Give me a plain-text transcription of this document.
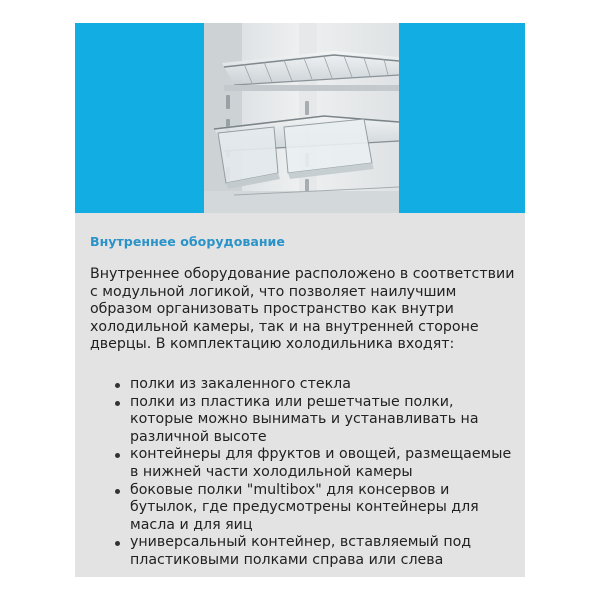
Внутреннее оборудование

Внутреннее оборудование расположено в соответствии с модульной логикой, что позволяет наилучшим образом организовать пространство как внутри холодильной камеры, так и на внутренней стороне дверцы. В комплектацию холодильника входят:

полки из закаленного стекла
полки из пластика или решетчатые полки, которые можно вынимать и устанавливать на различной высоте
контейнеры для фруктов и овощей, размещаемые в нижней части холодильной камеры
боковые полки "multibox" для консервов и бутылок, где предусмотрены контейнеры для масла и для яиц
универсальный контейнер, вставляемый под пластиковыми полками справа или слева
